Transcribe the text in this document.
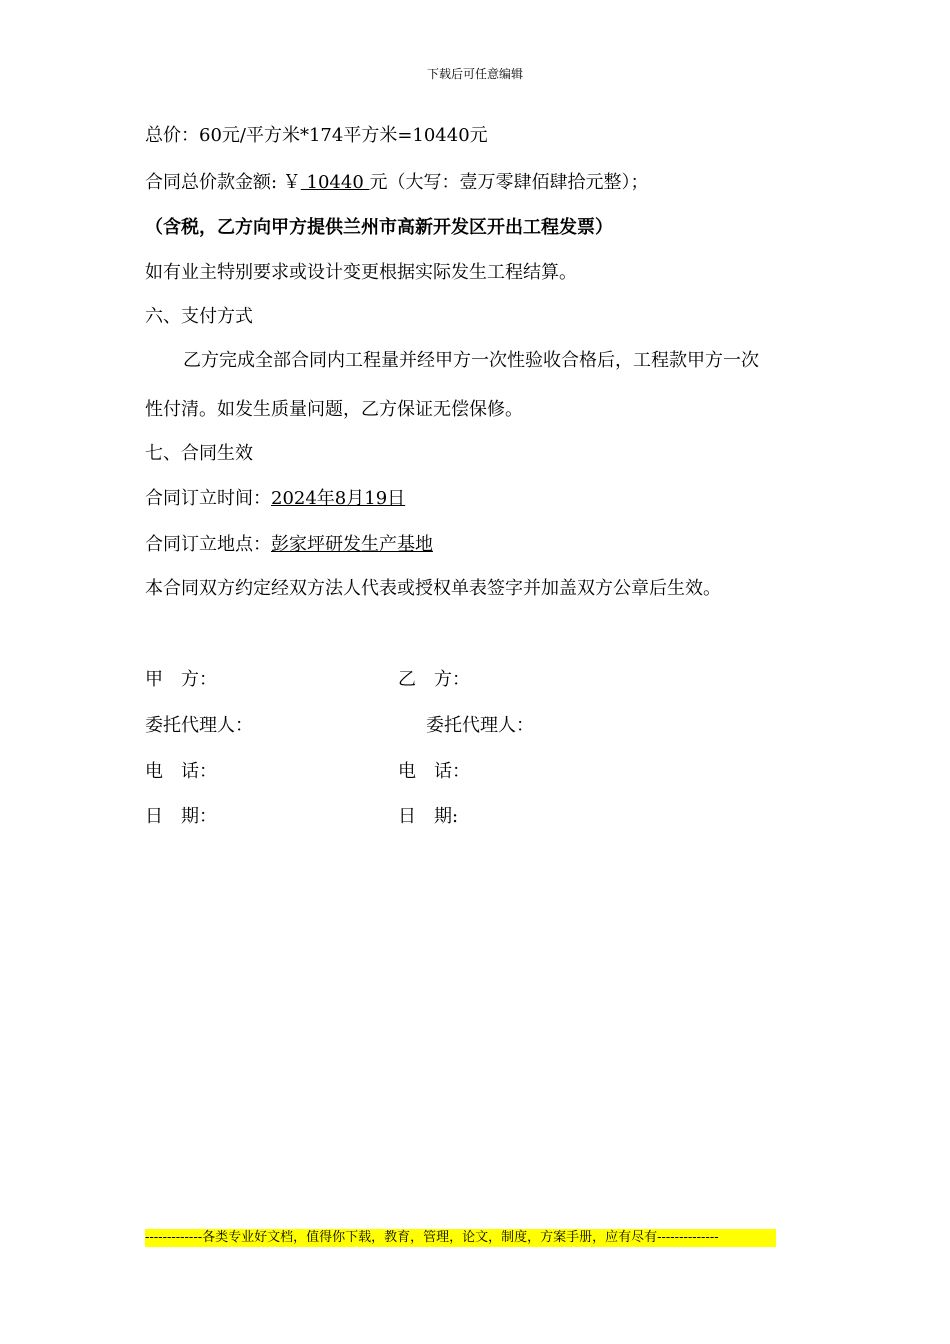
下载后可任意编辑
总价：60元/平方米*174平方米=10440元
合同总价款金额: ￥ 10440 元（大写：壹万零肆佰肆拾元整）；
（含税，乙方向甲方提供兰州市高新开发区开出工程发票）
如有业主特别要求或设计变更根据实际发生工程结算。
六、支付方式
乙方完成全部合同内工程量并经甲方一次性验收合格后，工程款甲方一次
性付清。如发生质量问题，乙方保证无偿保修。
七、合同生效
合同订立时间：2024年8月19日
合同订立地点：彭家坪研发生产基地
本合同双方约定经双方法人代表或授权单表签字并加盖双方公章后生效。
甲　方：
委托代理人：
电　话：
日　期：
乙　方：
委托代理人：
电　话：
日　期:
-------------各类专业好文档，值得你下载，教育，管理，论文，制度，方案手册，应有尽有--------------
